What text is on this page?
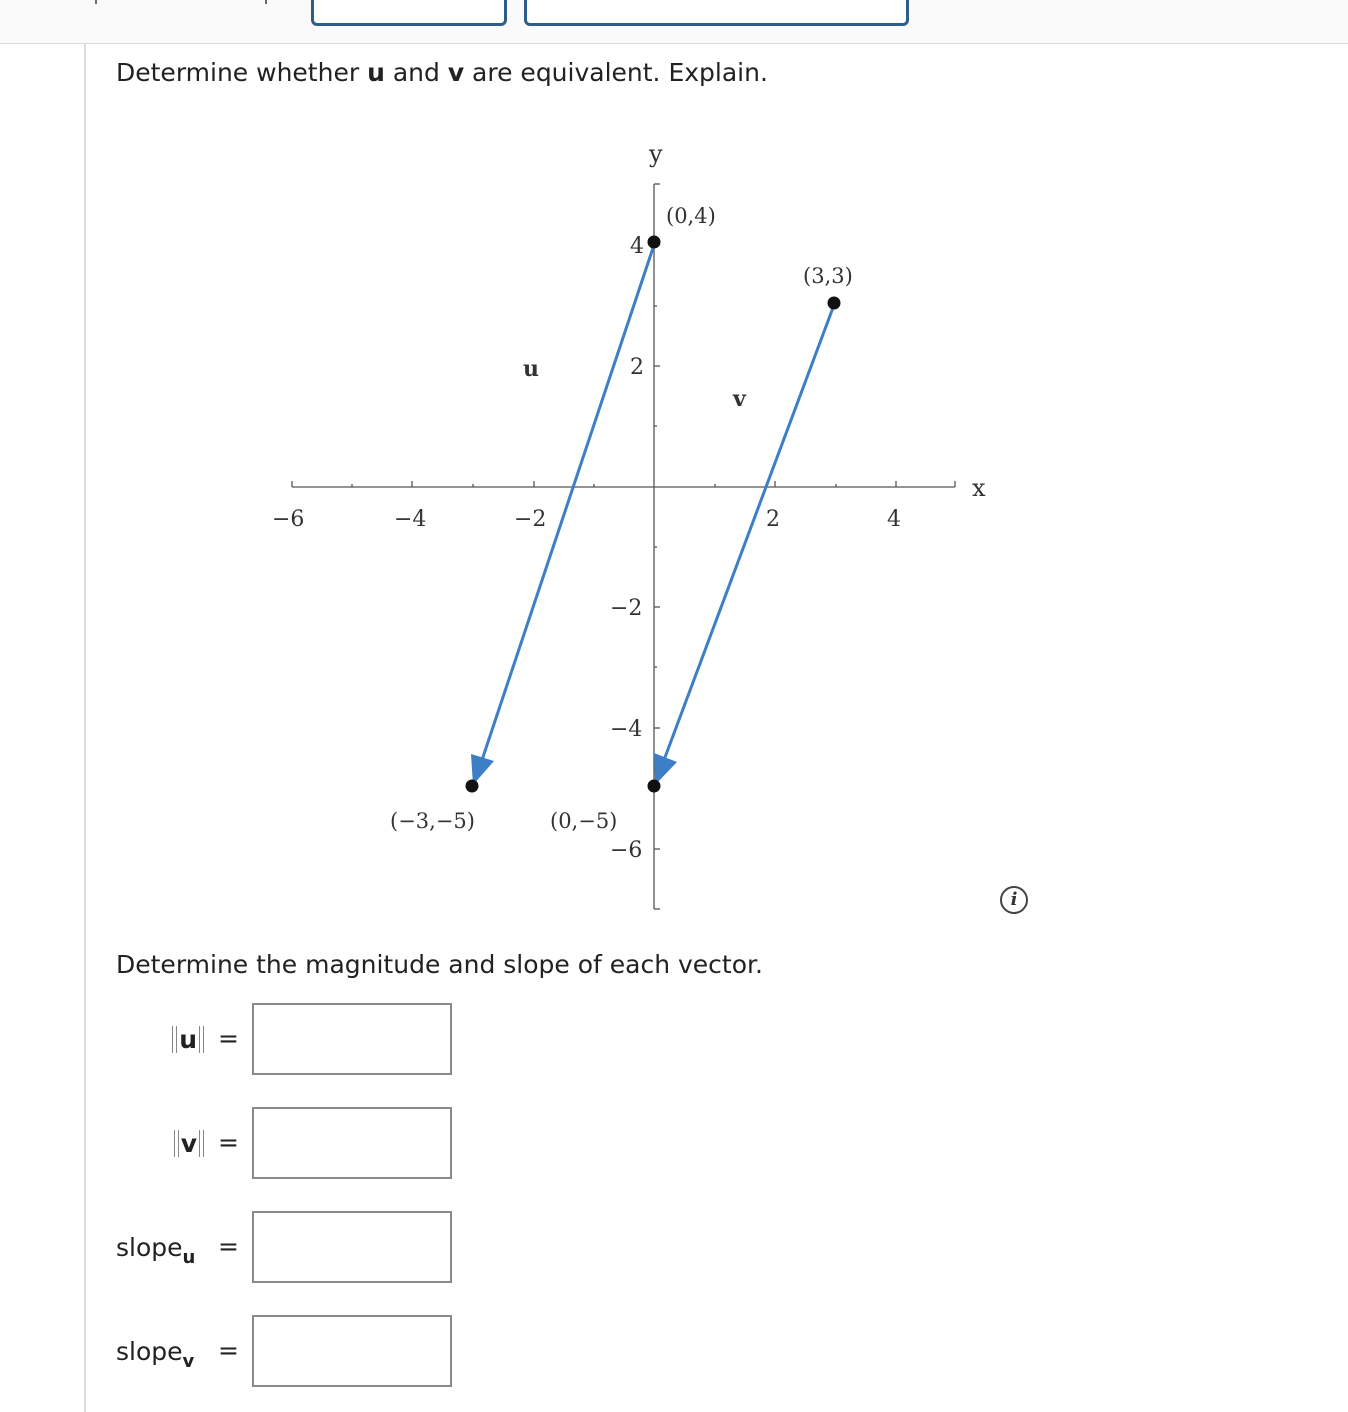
Determine whether u and v are equivalent. Explain.
y
x
−6	−4	−2	2	4
4
2
−2
−4
−6
(0,4)
(3,3)
(−3,−5)	(0,−5)
u
v
i
Determine the magnitude and slope of each vector.
u =
v =
slope u =
slope v =
